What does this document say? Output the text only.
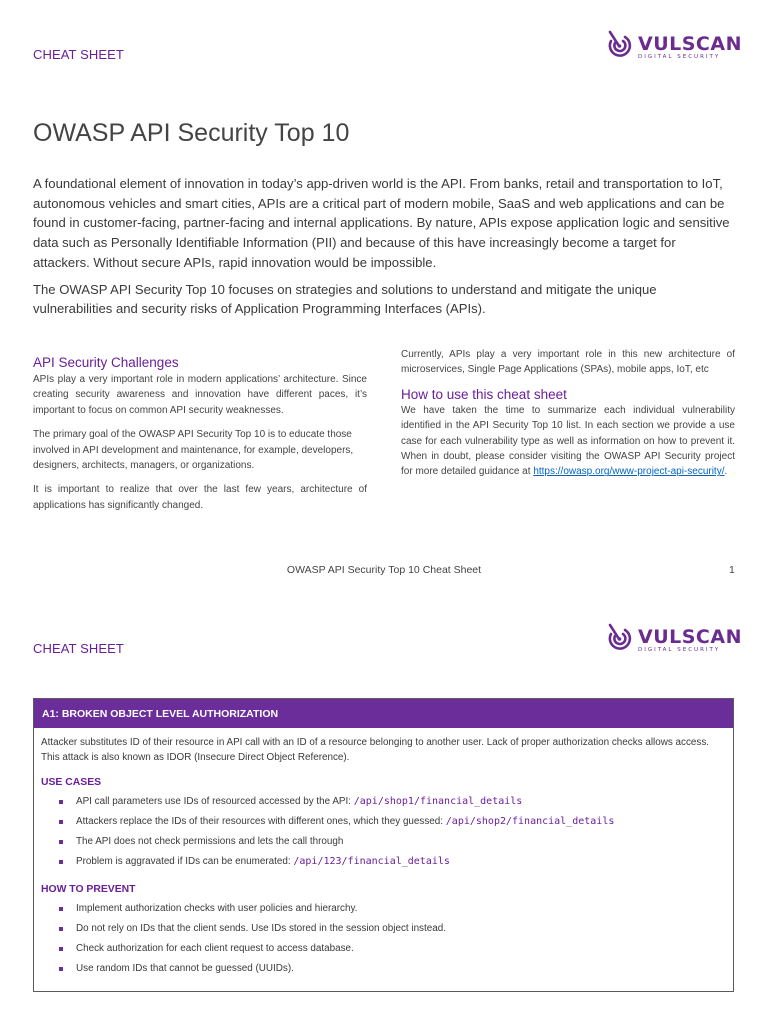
CHEAT SHEET	VULSCAN
DIGITAL SECURITY
OWASP API Security Top 10

A foundational element of innovation in today’s app-driven world is the API. From banks, retail and transportation to IoT, autonomous vehicles and smart cities, APIs are a critical part of modern mobile, SaaS and web applications and can be found in customer-facing, partner-facing and internal applications. By nature, APIs expose application logic and sensitive data such as Personally Identifiable Information (PII) and because of this have increasingly become a target for attackers. Without secure APIs, rapid innovation would be impossible.

The OWASP API Security Top 10 focuses on strategies and solutions to understand and mitigate the unique vulnerabilities and security risks of Application Programming Interfaces (APIs).

API Security Challenges

APIs play a very important role in modern applications’ architecture. Since creating security awareness and innovation have different paces, it’s important to focus on common API security weaknesses.

The primary goal of the OWASP API Security Top 10 is to educate those involved in API development and maintenance, for example, developers, designers, architects, managers, or organizations.

It is important to realize that over the last few years, architecture of applications has significantly changed.

Currently, APIs play a very important role in this new architecture of microservices, Single Page Applications (SPAs), mobile apps, IoT, etc

How to use this cheat sheet

We have taken the time to summarize each individual vulnerability identified in the API Security Top 10 list. In each section we provide a use case for each vulnerability type as well as information on how to prevent it. When in doubt, please consider visiting the OWASP API Security project for more detailed guidance at https://owasp.org/www-project-api-security/.

OWASP API Security Top 10 Cheat Sheet	1
CHEAT SHEET
VULSCAN
DIGITAL SECURITY
A1: BROKEN OBJECT LEVEL AUTHORIZATION

Attacker substitutes ID of their resource in API call with an ID of a resource belonging to another user. Lack of proper authorization checks allows access. This attack is also known as IDOR (Insecure Direct Object Reference).

USE CASES

API call parameters use IDs of resourced accessed by the API: /api/shop1/financial_details
Attackers replace the IDs of their resources with different ones, which they guessed: /api/shop2/financial_details
The API does not check permissions and lets the call through
Problem is aggravated if IDs can be enumerated: /api/123/financial_details

HOW TO PREVENT

Implement authorization checks with user policies and hierarchy.
Do not rely on IDs that the client sends. Use IDs stored in the session object instead.
Check authorization for each client request to access database.
Use random IDs that cannot be guessed (UUIDs).
